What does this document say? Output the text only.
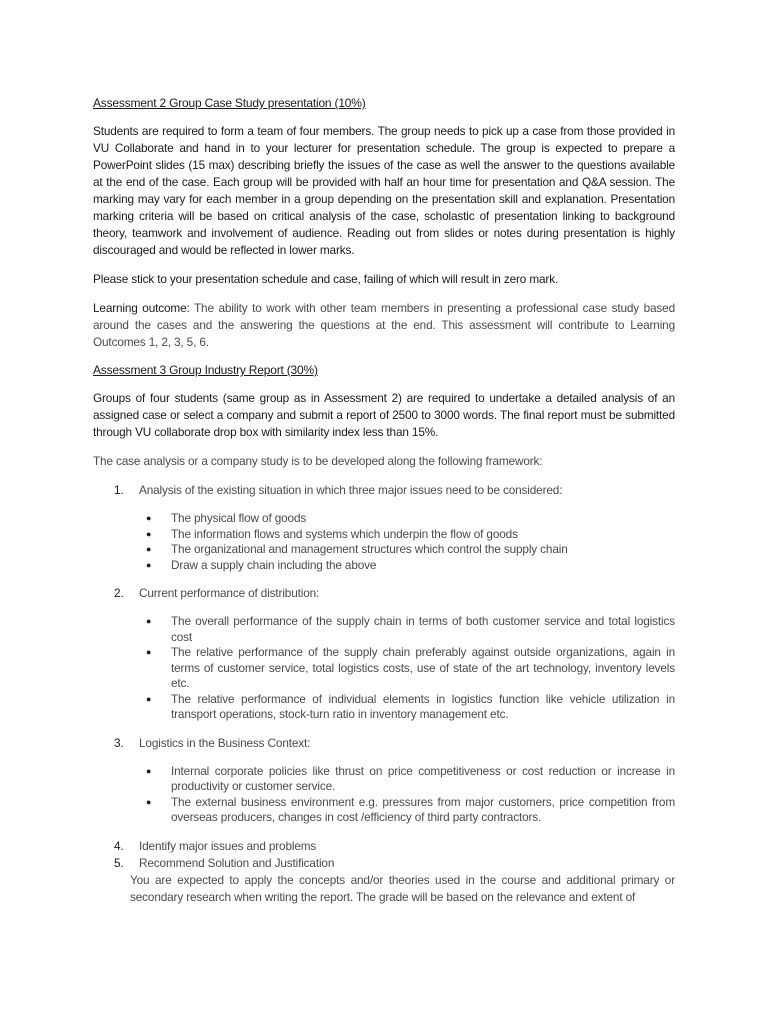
Assessment 2 Group Case Study presentation (10%)

Students are required to form a team of four members. The group needs to pick up a case from those provided in VU Collaborate and hand in to your lecturer for presentation schedule. The group is expected to prepare a PowerPoint slides (15 max) describing briefly the issues of the case as well the answer to the questions available at the end of the case. Each group will be provided with half an hour time for presentation and Q&A session. The marking may vary for each member in a group depending on the presentation skill and explanation. Presentation marking criteria will be based on critical analysis of the case, scholastic of presentation linking to background theory, teamwork and involvement of audience. Reading out from slides or notes during presentation is highly discouraged and would be reflected in lower marks.

Please stick to your presentation schedule and case, failing of which will result in zero mark.

Learning outcome: The ability to work with other team members in presenting a professional case study based around the cases and the answering the questions at the end. This assessment will contribute to Learning Outcomes 1, 2, 3, 5, 6.

Assessment 3 Group Industry Report (30%)

Groups of four students (same group as in Assessment 2) are required to undertake a detailed analysis of an assigned case or select a company and submit a report of 2500 to 3000 words. The final report must be submitted through VU collaborate drop box with similarity index less than 15%.

The case analysis or a company study is to be developed along the following framework:

1. Analysis of the existing situation in which three major issues need to be considered:
● The physical flow of goods
● The information flows and systems which underpin the flow of goods
● The organizational and management structures which control the supply chain
● Draw a supply chain including the above
2. Current performance of distribution:
● The overall performance of the supply chain in terms of both customer service and total logistics cost
● The relative performance of the supply chain preferably against outside organizations, again in terms of customer service, total logistics costs, use of state of the art technology, inventory levels etc.
● The relative performance of individual elements in logistics function like vehicle utilization in transport operations, stock-turn ratio in inventory management etc.
3. Logistics in the Business Context:
● Internal corporate policies like thrust on price competitiveness or cost reduction or increase in productivity or customer service.
● The external business environment e.g. pressures from major customers, price competition from overseas producers, changes in cost /efficiency of third party contractors.
4. Identify major issues and problems
5. Recommend Solution and Justification

You are expected to apply the concepts and/or theories used in the course and additional primary or secondary research when writing the report. The grade will be based on the relevance and extent of
